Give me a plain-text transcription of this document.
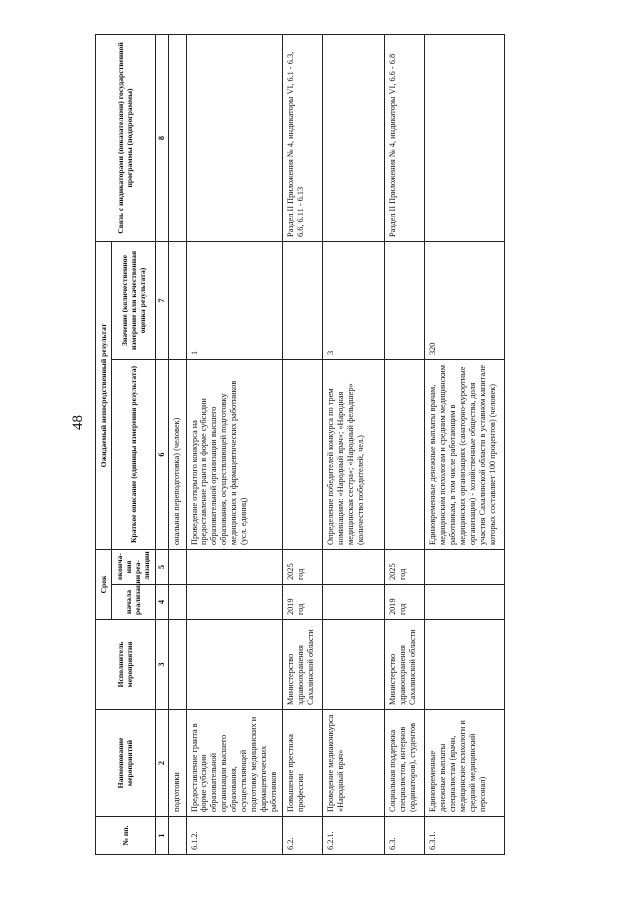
48
№ пп.	Наименование мероприятий	Исполнитель мероприятия	Срок		Ожидаемый непосредственный результат		Связь с индикаторами (показателями) государственной программы (подпрограммы)
			начала реализации	оконча-ния реа-лизации	Краткое описание (единицы измерения результата)	Значение (количественное измерение или качественная оценка результата)	

1	2	3	4	5	6	7	8
	подготовки				ональная переподготовка) (человек)		
6.1.2.	Предоставление гранта в форме субсидии образовательной организации высшего образования, осуществляющей подготовку медицинских и фармацевтических работников				Проведение открытого конкурса на предоставление гранта в форме субсидии образовательной организации высшего образования, осуществляющей подготовку медицинских и фармацевтических работников (усл. единиц)	1	
6.2.	Повышение престижа профессии	Министерство здравоохранения Сахалинской области	2019 год	2025 год			Раздел II Приложения № 4, индикаторы VI, 6.1 - 6.3, 6.6, 6.11 - 6.13
6.2.1.	Проведение медиаконкурса «Народный врач»				Определение победителей конкурса по трем номинациям: «Народный врач»; «Народная медицинская сестра»; «Народный фельдшер» (количество победителей, чел.)	3	
6.3.	Социальная поддержка специалистов, интернов (ординаторов), студентов	Министерство здравоохранения Сахалинской области	2019 год	2025 год			Раздел II Приложения № 4, индикаторы VI, 6.6 - 6.8
6.3.1.	Единовременные денежные выплаты специалистам (врачи, медицинские психологи и средний медицинский персонал)				Единовременные денежные выплаты врачам, медицинским психологам и средним медицинским работникам, в том числе работающим в медицинских организациях (санаторно-курортные организации) - хозяйственные общества, доля участия Сахалинской области в уставном капитале которых составляет 100 процентов) (человек)	320	
